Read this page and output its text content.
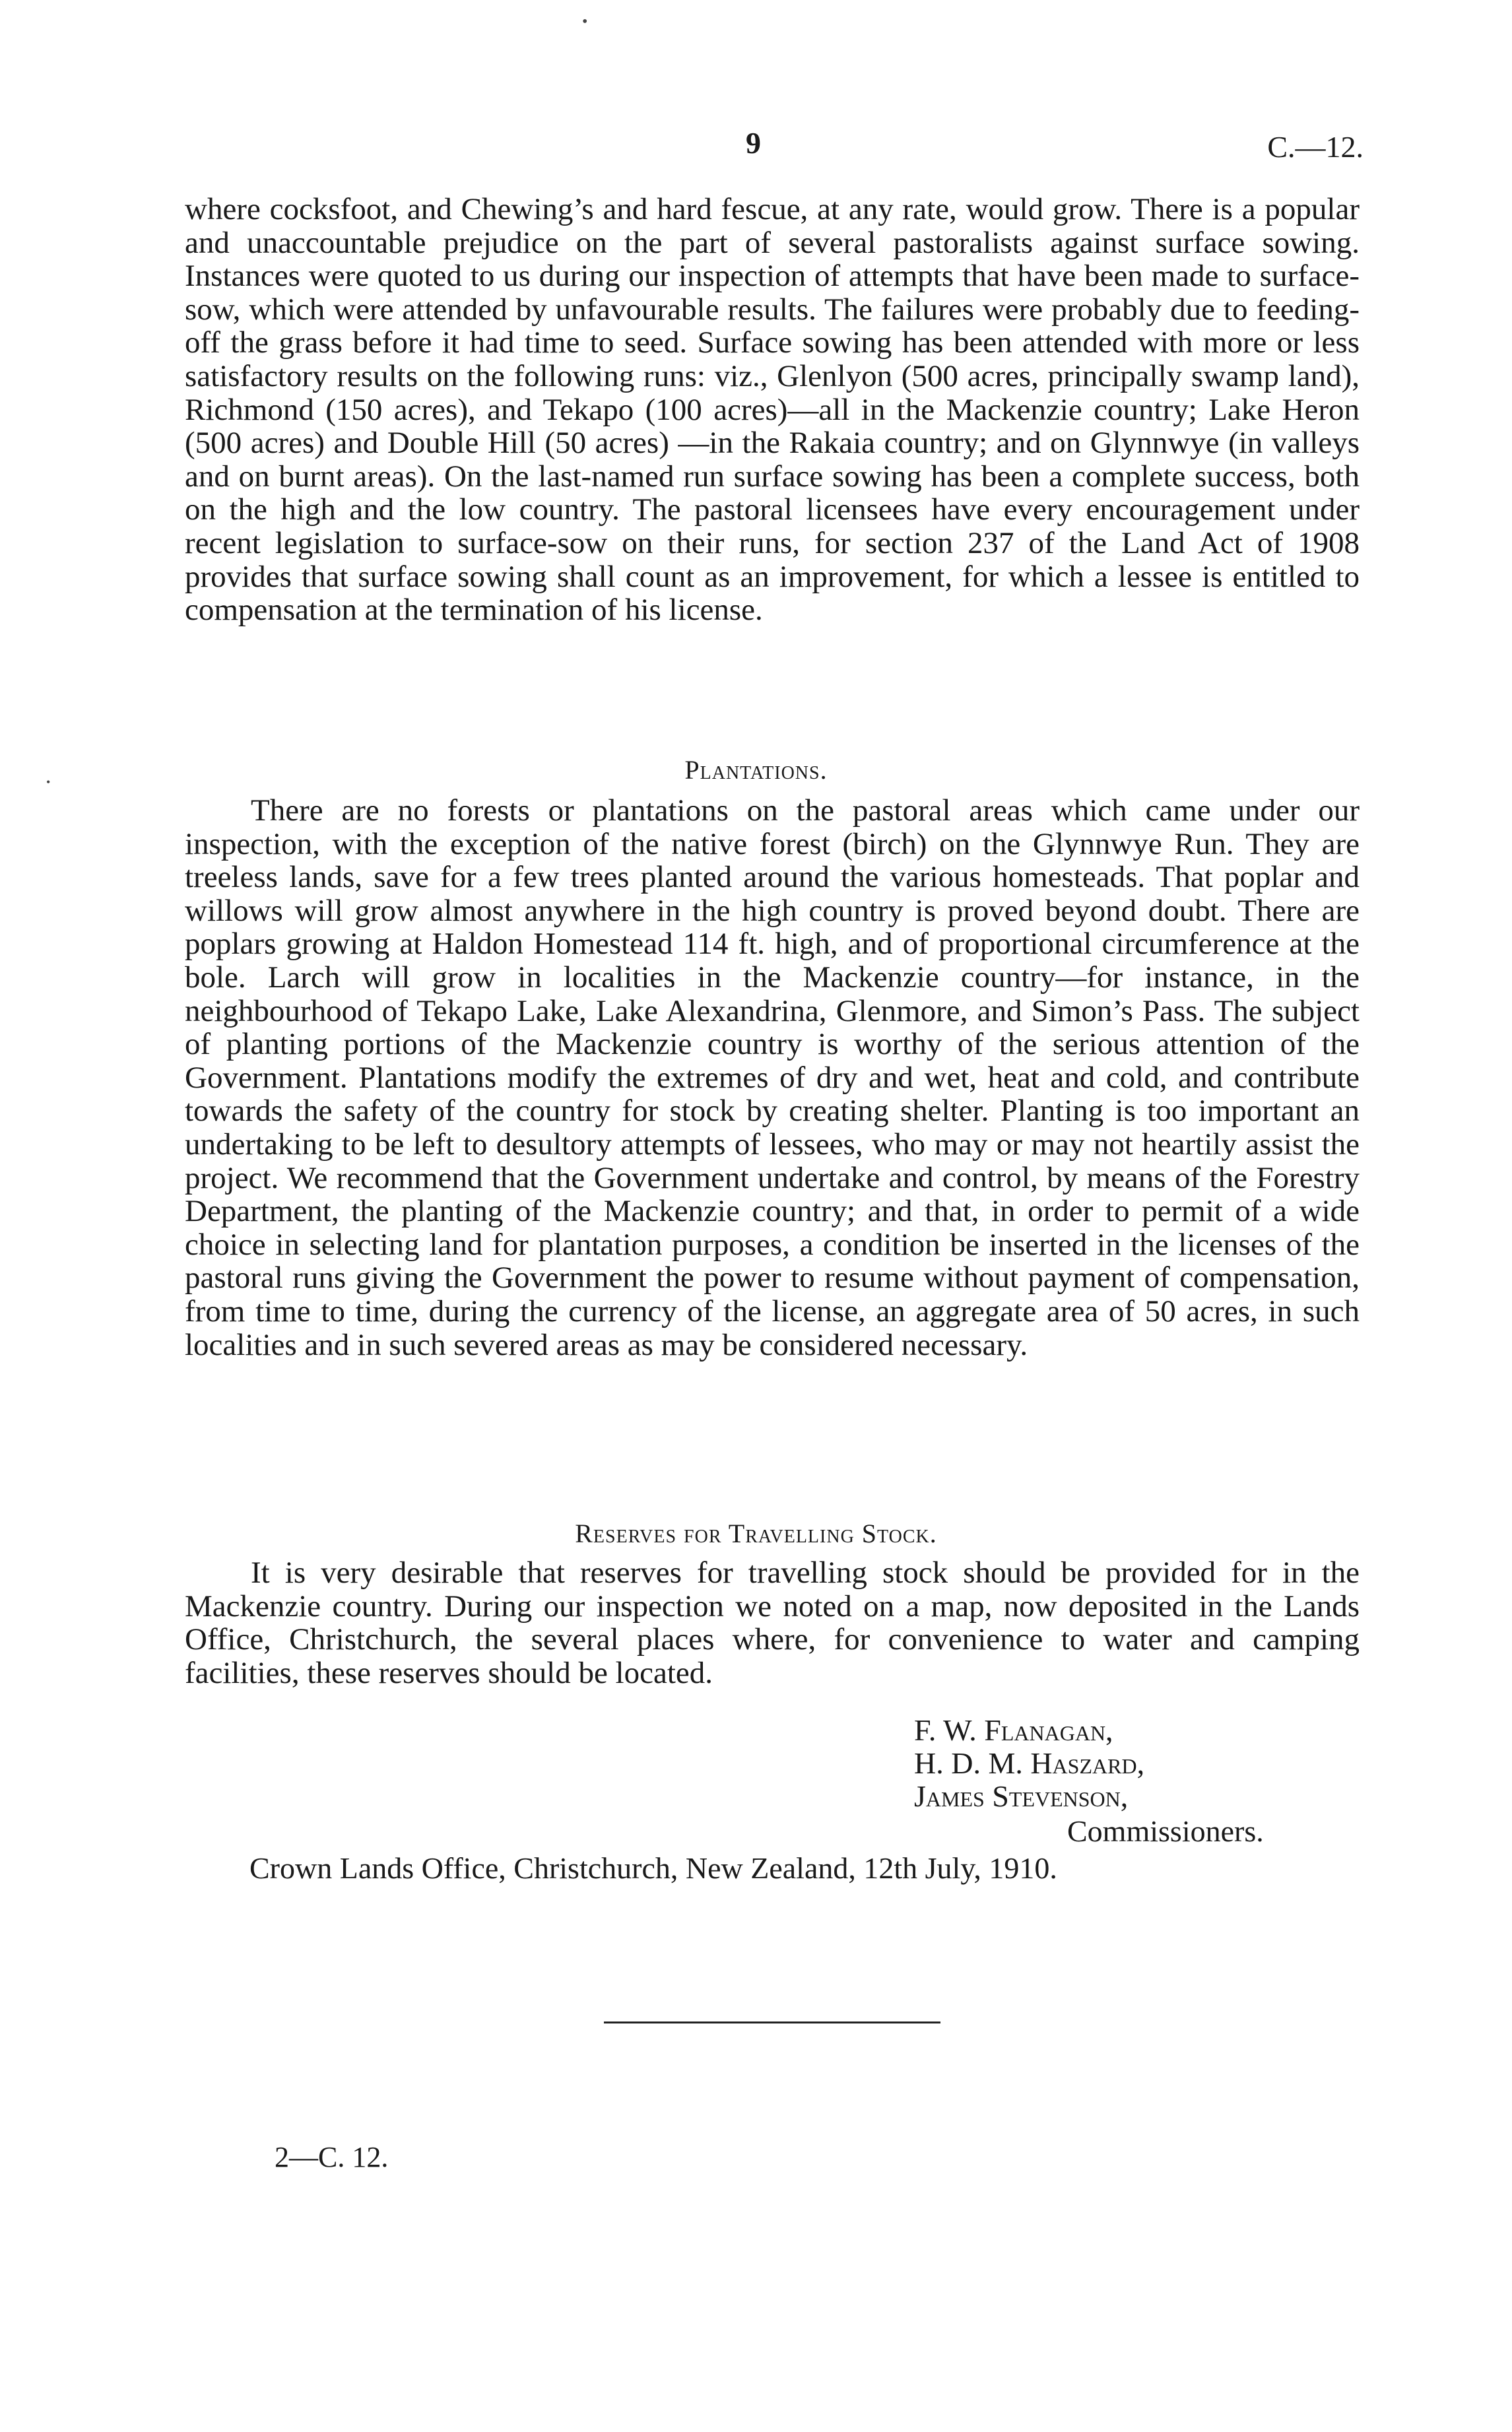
9	C.—12.

where cocksfoot, and Chewing’s and hard fescue, at any rate, would grow. There is a popular and unaccountable prejudice on the part of several pastoralists against surface sowing. Instances were quoted to us during our inspection of attempts that have been made to surface-sow, which were attended by unfavourable results. The failures were probably due to feeding-off the grass before it had time to seed. Surface sowing has been attended with more or less satisfactory results on the following runs: viz., Glenlyon (500 acres, principally swamp land), Richmond (150 acres), and Tekapo (100 acres)—all in the Mackenzie country; Lake Heron (500 acres) and Double Hill (50 acres) —in the Rakaia country; and on Glynnwye (in valleys and on burnt areas). On the last-named run surface sowing has been a complete success, both on the high and the low country. The pastoral licensees have every encouragement under recent legislation to surface-sow on their runs, for section 237 of the Land Act of 1908 provides that surface sowing shall count as an improvement, for which a lessee is entitled to compensation at the termination of his license.

Plantations.

There are no forests or plantations on the pastoral areas which came under our inspection, with the exception of the native forest (birch) on the Glynnwye Run. They are treeless lands, save for a few trees planted around the various homesteads. That poplar and willows will grow almost anywhere in the high country is proved beyond doubt. There are poplars growing at Haldon Homestead 114 ft. high, and of proportional circumference at the bole. Larch will grow in localities in the Mackenzie country—for instance, in the neighbourhood of Tekapo Lake, Lake Alexandrina, Glenmore, and Simon’s Pass. The subject of planting portions of the Mackenzie country is worthy of the serious attention of the Government. Plantations modify the extremes of dry and wet, heat and cold, and contribute towards the safety of the country for stock by creating shelter. Planting is too important an undertaking to be left to desultory attempts of lessees, who may or may not heartily assist the project. We recommend that the Government undertake and control, by means of the Forestry Department, the planting of the Mackenzie country; and that, in order to permit of a wide choice in selecting land for plantation purposes, a condition be inserted in the licenses of the pastoral runs giving the Government the power to resume without payment of compensation, from time to time, during the currency of the license, an aggregate area of 50 acres, in such localities and in such severed areas as may be considered necessary.

Reserves for Travelling Stock.

It is very desirable that reserves for travelling stock should be provided for in the Mackenzie country. During our inspection we noted on a map, now deposited in the Lands Office, Christchurch, the several places where, for convenience to water and camping facilities, these reserves should be located.

F. W. Flanagan,
H. D. M. Haszard,
James Stevenson,
Commissioners.
Crown Lands Office, Christchurch, New Zealand, 12th July, 1910.
2—C. 12.
•
•
